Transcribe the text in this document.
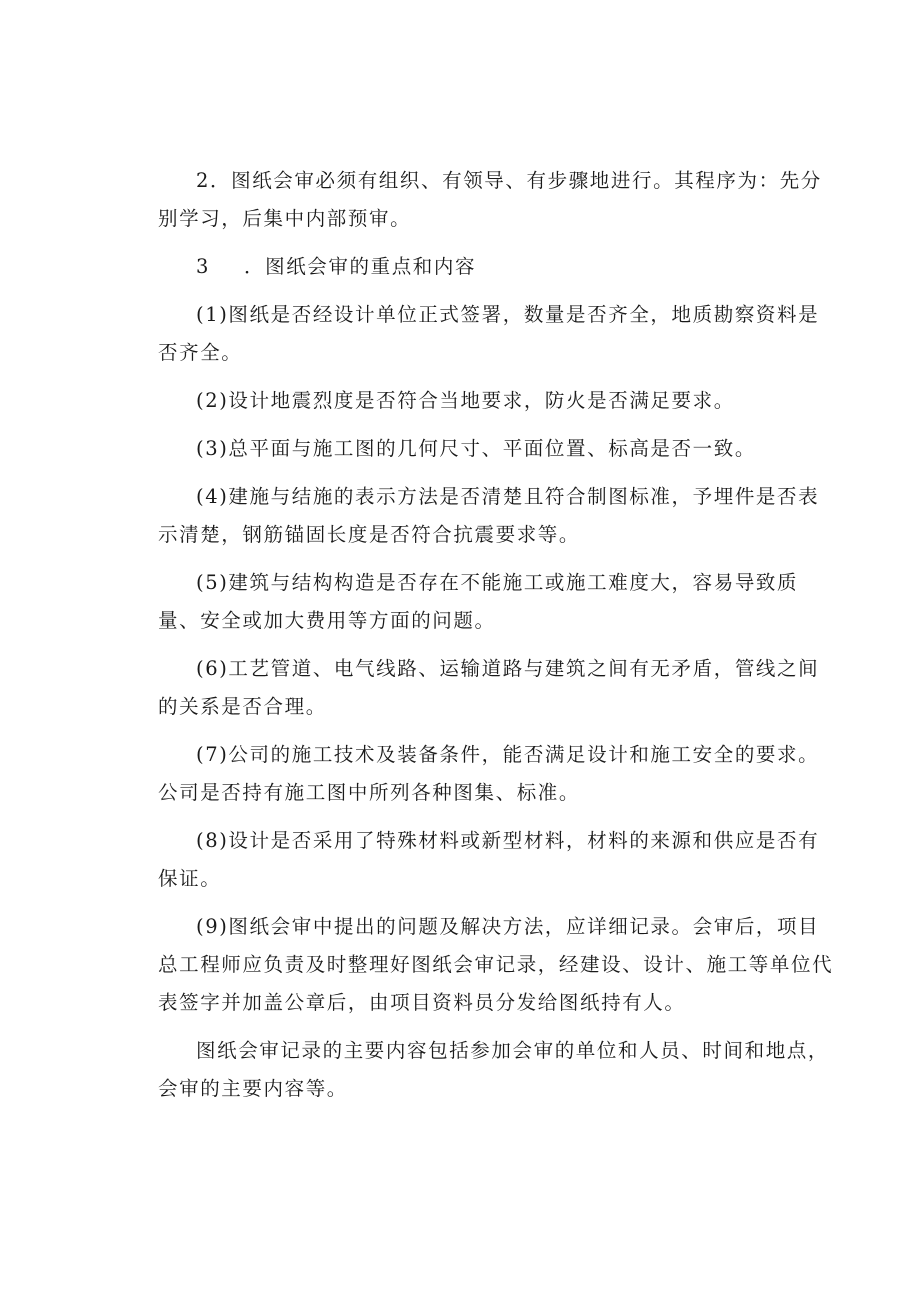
2．图纸会审必须有组织、有领导、有步骤地进行。其程序为：先分别学习，后集中内部预审。

3 ．图纸会审的重点和内容

(1)图纸是否经设计单位正式签署，数量是否齐全，地质勘察资料是否齐全。

(2)设计地震烈度是否符合当地要求，防火是否满足要求。

(3)总平面与施工图的几何尺寸、平面位置、标高是否一致。

(4)建施与结施的表示方法是否清楚且符合制图标准，予埋件是否表示清楚，钢筋锚固长度是否符合抗震要求等。

(5)建筑与结构构造是否存在不能施工或施工难度大，容易导致质量、安全或加大费用等方面的问题。

(6)工艺管道、电气线路、运输道路与建筑之间有无矛盾，管线之间的关系是否合理。

(7)公司的施工技术及装备条件，能否满足设计和施工安全的要求。公司是否持有施工图中所列各种图集、标准。

(8)设计是否采用了特殊材料或新型材料，材料的来源和供应是否有保证。

(9)图纸会审中提出的问题及解决方法，应详细记录。会审后，项目总工程师应负责及时整理好图纸会审记录，经建设、设计、施工等单位代表签字并加盖公章后，由项目资料员分发给图纸持有人。

图纸会审记录的主要内容包括参加会审的单位和人员、时间和地点，会审的主要内容等。
